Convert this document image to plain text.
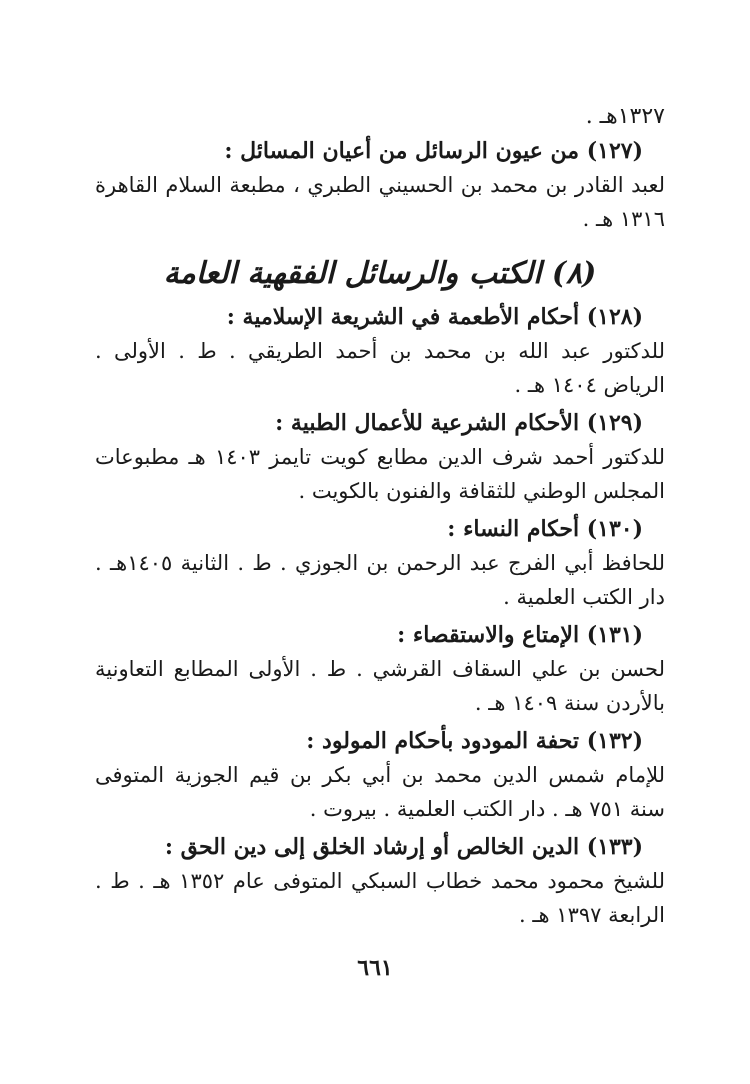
١٣٢٧هـ .
(١٢٧) من عيون الرسائل من أعيان المسائل :
لعبد القادر بن محمد بن الحسيني الطبري ، مطبعة السلام القاهرة ١٣١٦ هـ .
(٨) الكتب والرسائل الفقهية العامة
(١٢٨) أحكام الأطعمة في الشريعة الإسلامية :
للدكتور عبد الله بن محمد بن أحمد الطريقي . ط . الأولى . الرياض ١٤٠٤ هـ .
(١٢٩) الأحكام الشرعية للأعمال الطبية :
للدكتور أحمد شرف الدين مطابع كويت تايمز ١٤٠٣ هـ مطبوعات المجلس الوطني للثقافة والفنون بالكويت .
(١٣٠) أحكام النساء :
للحافظ أبي الفرج عبد الرحمن بن الجوزي . ط . الثانية ١٤٠٥هـ . دار الكتب العلمية .
(١٣١) الإمتاع والاستقصاء :
لحسن بن علي السقاف القرشي . ط . الأولى المطابع التعاونية بالأردن سنة ١٤٠٩ هـ .
(١٣٢) تحفة المودود بأحكام المولود :
للإمام شمس الدين محمد بن أبي بكر بن قيم الجوزية المتوفى سنة ٧٥١ هـ . دار الكتب العلمية . بيروت .
(١٣٣) الدين الخالص أو إرشاد الخلق إلى دين الحق :
للشيخ محمود محمد خطاب السبكي المتوفى عام ١٣٥٢ هـ . ط . الرابعة ١٣٩٧ هـ .
٦٦١
